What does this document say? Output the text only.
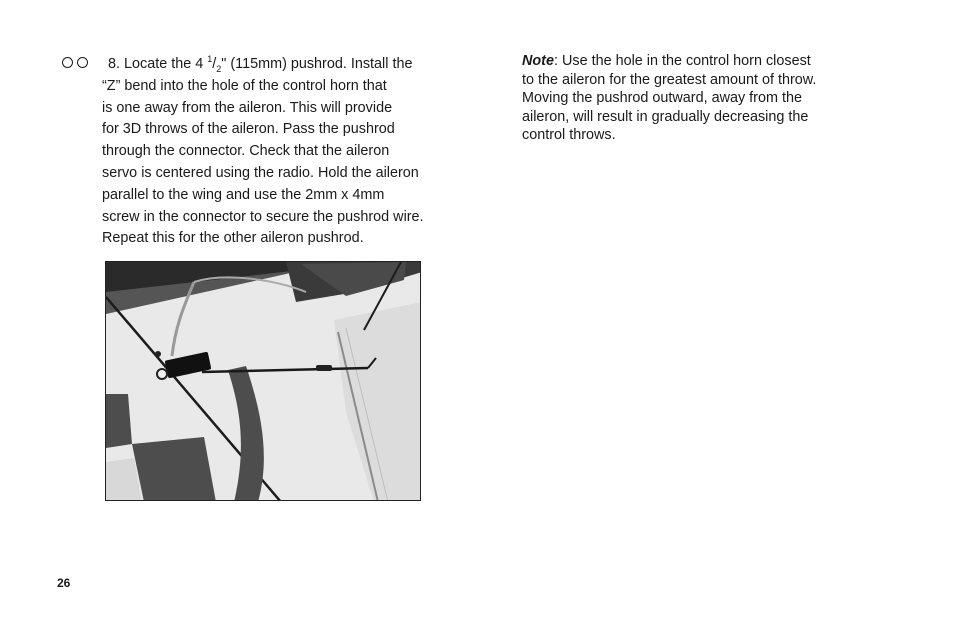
8. Locate the 4 $^1/_2$" (115mm) pushrod. Install the
“Z” bend into the hole of the control horn that
is one away from the aileron. This will provide
for 3D throws of the aileron. Pass the pushrod
through the connector. Check that the aileron
servo is centered using the radio. Hold the aileron
parallel to the wing and use the 2mm x 4mm
screw in the connector to secure the pushrod wire.
Repeat this for the other aileron pushrod.
Note: Use the hole in the control horn closest
to the aileron for the greatest amount of throw.
Moving the pushrod outward, away from the
aileron, will result in gradually decreasing the
control throws.
26
